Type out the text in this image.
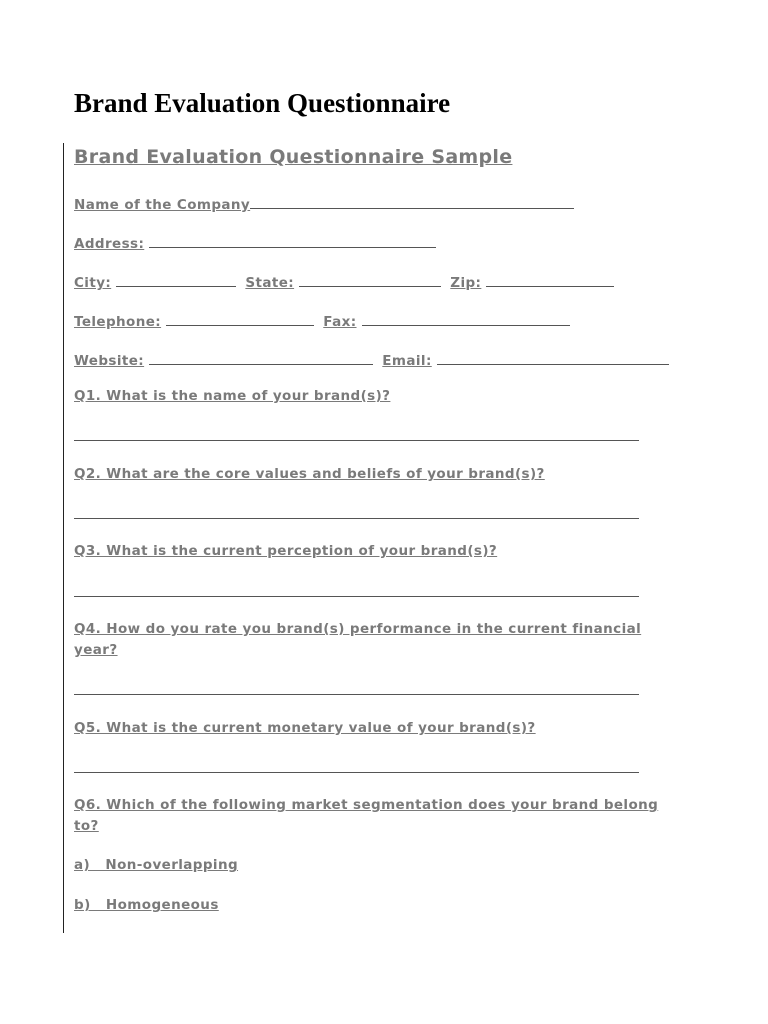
Brand Evaluation Questionnaire
Brand Evaluation Questionnaire Sample
Name of the Company
Address:
City:	State:	Zip:
Telephone:	Fax:
Website:	Email:

Q1. What is the name of your brand(s)?

Q2. What are the core values and beliefs of your brand(s)?

Q3. What is the current perception of your brand(s)?

Q4. How do you rate you brand(s) performance in the current financial year?

Q5. What is the current monetary value of your brand(s)?

Q6. Which of the following market segmentation does your brand belong to?

a)   Non-overlapping

b)   Homogeneous
